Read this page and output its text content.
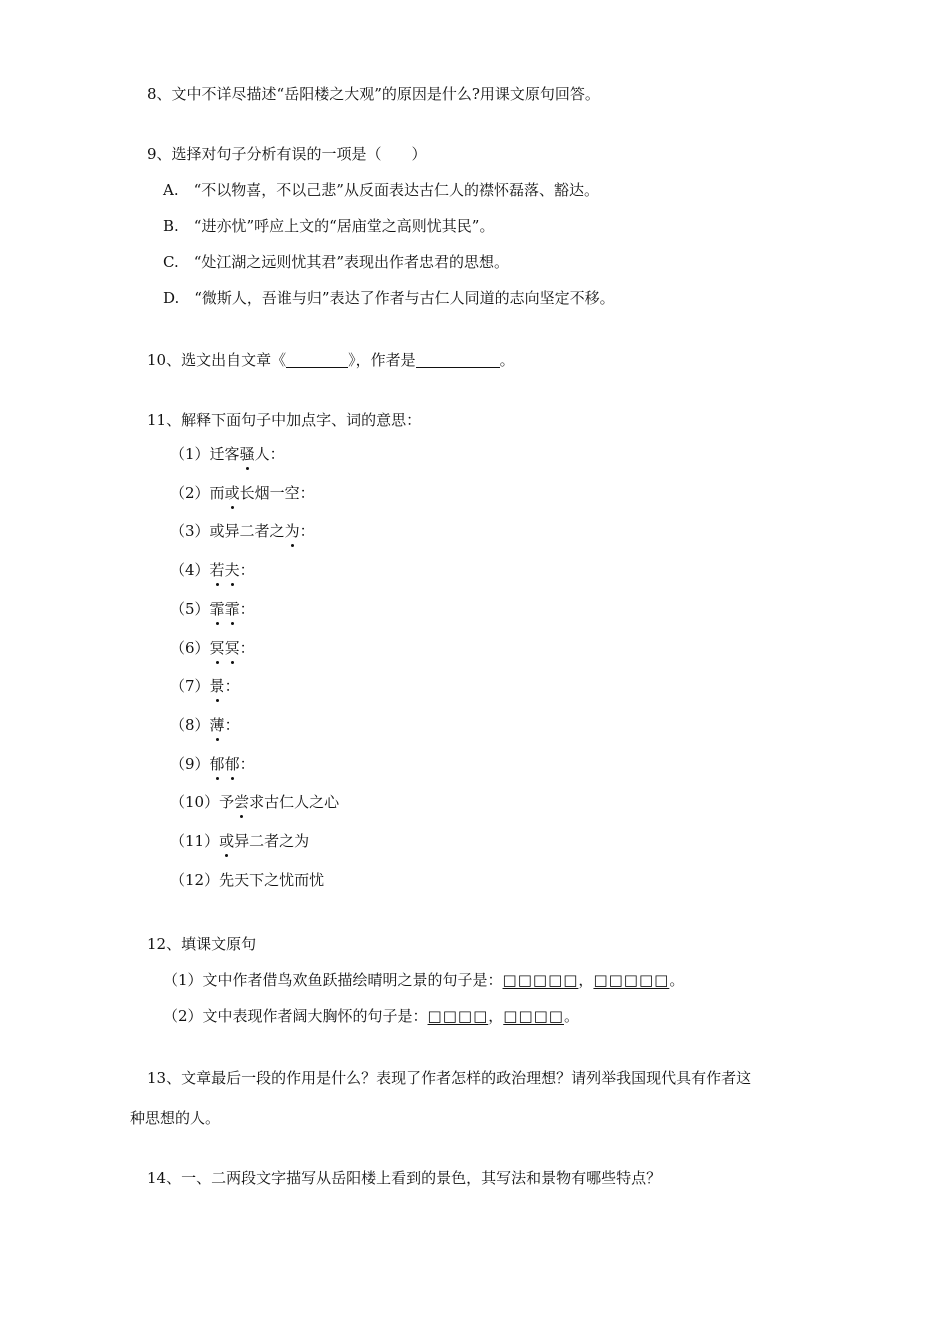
8、文中不详尽描述“岳阳楼之大观”的原因是什么?用课文原句回答。
9、选择对句子分析有误的一项是（　　）
A.　“不以物喜，不以己悲”从反面表达古仁人的襟怀磊落、豁达。
B.　“进亦忧”呼应上文的“居庙堂之高则忧其民”。
C.　“处江湖之远则忧其君”表现出作者忠君的思想。
D.　“微斯人，吾谁与归”表达了作者与古仁人同道的志向坚定不移。
10、选文出自文章《	》，作者是	。
11、解释下面句子中加点字、词的意思：
（1）迁客骚人：
（2）而或长烟一空：
（3）或异二者之为：
（4）若夫：
（5）霏霏：
（6）冥冥：
（7）景：
（8）薄：
（9）郁郁：
（10）予尝求古仁人之心
（11）或异二者之为
（12）先天下之忧而忧
12、填课文原句
（1）文中作者借鸟欢鱼跃描绘晴明之景的句子是：□□□□□，□□□□□。
（2）文中表现作者阔大胸怀的句子是：□□□□，□□□□。
13、文章最后一段的作用是什么？表现了作者怎样的政治理想？请列举我国现代具有作者这
种思想的人。
14、一、二两段文字描写从岳阳楼上看到的景色，其写法和景物有哪些特点？
